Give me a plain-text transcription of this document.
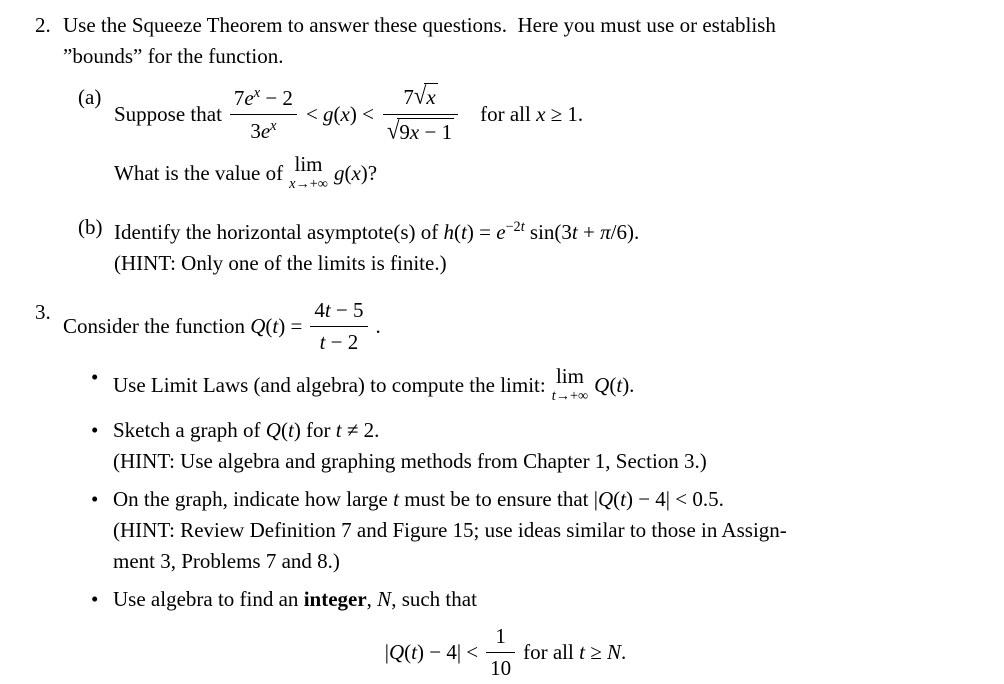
2. Use the Squeeze Theorem to answer these questions. Here you must use or establish

”bounds” for the function.

(a)
Suppose that $\frac{7e^x - 2}{3e^x} < g(x) < \frac{7√x}{√9x - 1}$ for all x ≥ 1.
What is the value of lim
x→+∞ g(x)?
(b) Identify the horizontal asymptote(s) of $h(t) = e^{-2t}$ sin(3t + π/6).

(HINT: Only one of the limits is finite.)

3.
Consider the function $Q(t) = \frac{4t - 5}{t - 2}$ .
• Use Limit Laws (and algebra) to compute the limit: lim
t→+∞ Q(t).
• Sketch a graph of Q(t) for t ≠ 2.

(HINT: Use algebra and graphing methods from Chapter 1, Section 3.)

• On the graph, indicate how large t must be to ensure that |Q(t) − 4| < 0.5.

(HINT: Review Definition 7 and Figure 15; use ideas similar to those in Assign-

ment 3, Problems 7 and 8.)

• Use algebra to find an integer, N, such that

$|Q(t) - 4| < \frac{1}{10}$ for all t ≥ N.
